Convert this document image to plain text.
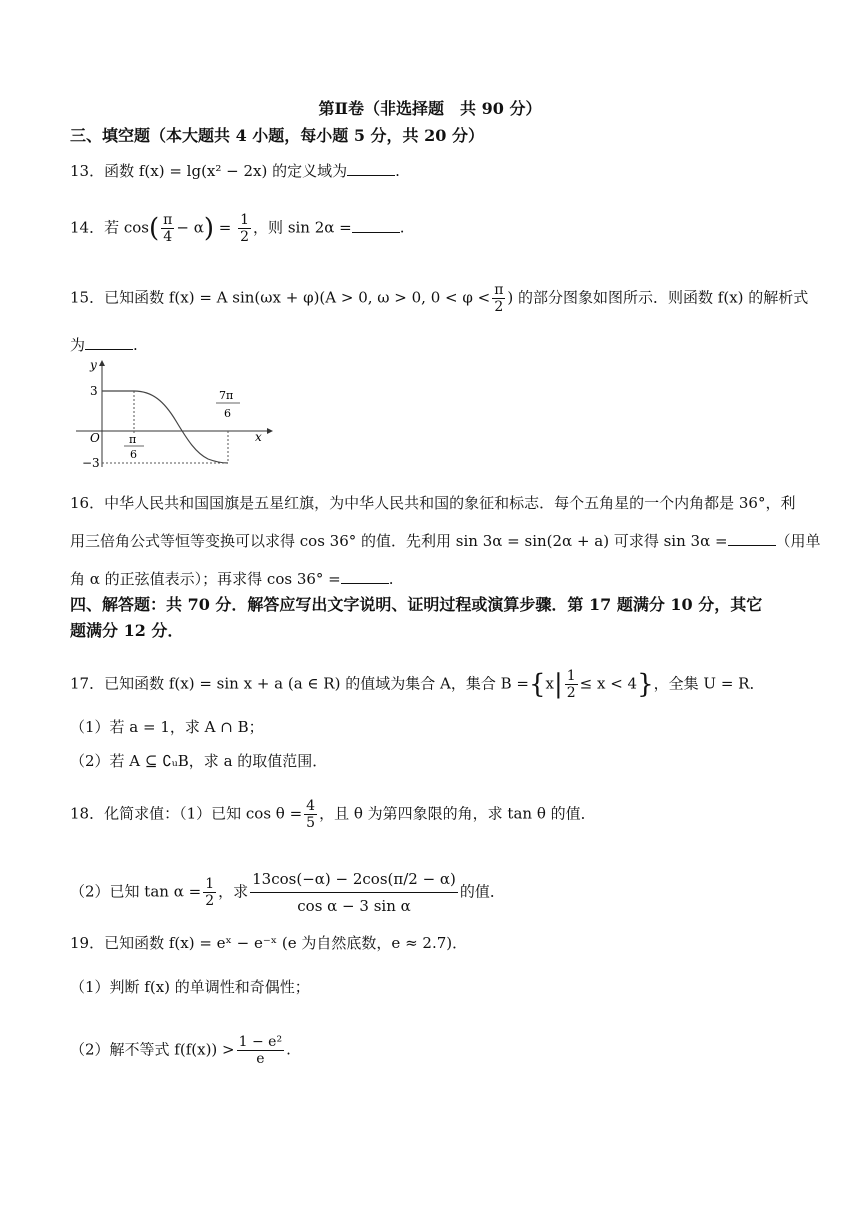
第Ⅱ卷（非选择题　共 90 分）
三、填空题（本大题共 4 小题，每小题 5 分，共 20 分）
13．函数 f(x) = lg(x² − 2x) 的定义域为	.
14．若 $\cos( \frac{\pi}{4} - \alpha) = \frac{1}{2}$ ，则 sin 2α =	.
15．已知函数 f(x) = A sin(ωx + φ)(A > 0, ω > 0, $0 < \varphi < \frac{\pi}{2}$ ) 的部分图象如图所示．则函数 f(x) 的解析式
为	.
y
x
O
3
−3
π
6
7π
6
16．中华人民共和国国旗是五星红旗，为中华人民共和国的象征和标志．每个五角星的一个内角都是 36°，利
用三倍角公式等恒等变换可以求得 cos 36° 的值．先利用 sin 3α = sin(2α + a) 可求得 sin 3α =	（用单
角 α 的正弦值表示）；再求得 cos 36° =	.
四、解答题：共 70 分．解答应写出文字说明、证明过程或演算步骤．第 17 题满分 10 分，其它
题满分 12 分．
17．已知函数 f(x) = sin x + a (a ∈ R) 的值域为集合 A，集合 $B =\{x| \frac{1}{2} \le x < 4\}$，全集 U = R．
（1）若 a = 1，求 A ∩ B；
（2）若 A ⊆ ∁ᵤB，求 a 的取值范围．
18．化简求值：（1）已知 $\cos \theta = \frac{4}{5}$ ，且 θ 为第四象限的角，求 tan θ 的值．
（2）已知 $\tan \alpha = \frac{1}{2}$ ，求 $\frac{13\cos(-\alpha) - 2\cos(\pi/2 - \alpha)}{\text{cos α − 3 sin α}}$ 的值．
19．已知函数 f(x) = eˣ − e⁻ˣ (e 为自然底数，e ≈ 2.7)．
（1）判断 f(x) 的单调性和奇偶性；
（2）解不等式 $f(f(x)) > \frac{\text{1 − e²}}{e}$ .
